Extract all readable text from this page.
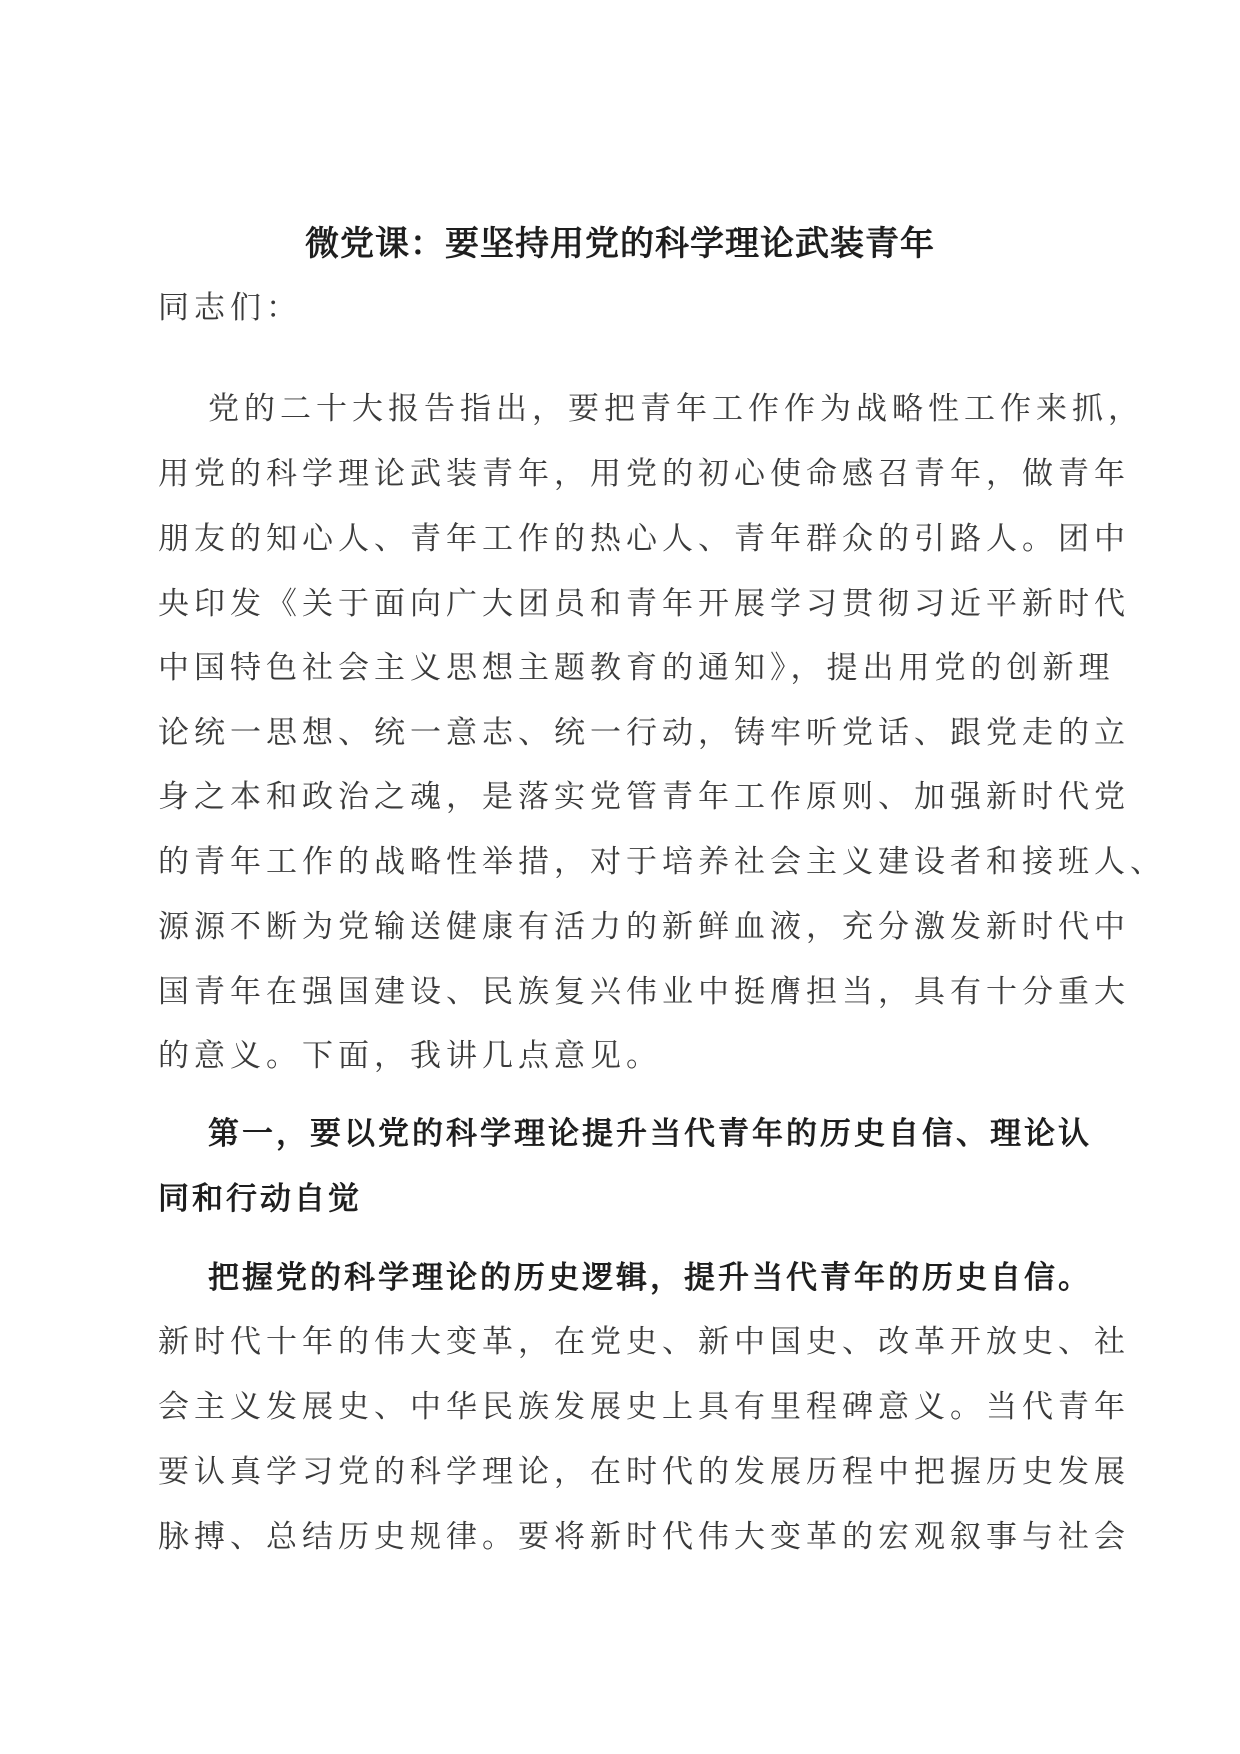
微党课：要坚持用党的科学理论武装青年
同志们：
党的二十大报告指出，要把青年工作作为战略性工作来抓，
用党的科学理论武装青年，用党的初心使命感召青年，做青年
朋友的知心人、青年工作的热心人、青年群众的引路人。团中
央印发《关于面向广大团员和青年开展学习贯彻习近平新时代
中国特色社会主义思想主题教育的通知》，提出用党的创新理
论统一思想、统一意志、统一行动，铸牢听党话、跟党走的立
身之本和政治之魂，是落实党管青年工作原则、加强新时代党
的青年工作的战略性举措，对于培养社会主义建设者和接班人、
源源不断为党输送健康有活力的新鲜血液，充分激发新时代中
国青年在强国建设、民族复兴伟业中挺膺担当，具有十分重大
的意义。下面，我讲几点意见。
第一，要以党的科学理论提升当代青年的历史自信、理论认
同和行动自觉
把握党的科学理论的历史逻辑，提升当代青年的历史自信。
新时代十年的伟大变革，在党史、新中国史、改革开放史、社
会主义发展史、中华民族发展史上具有里程碑意义。当代青年
要认真学习党的科学理论，在时代的发展历程中把握历史发展
脉搏、总结历史规律。要将新时代伟大变革的宏观叙事与社会
